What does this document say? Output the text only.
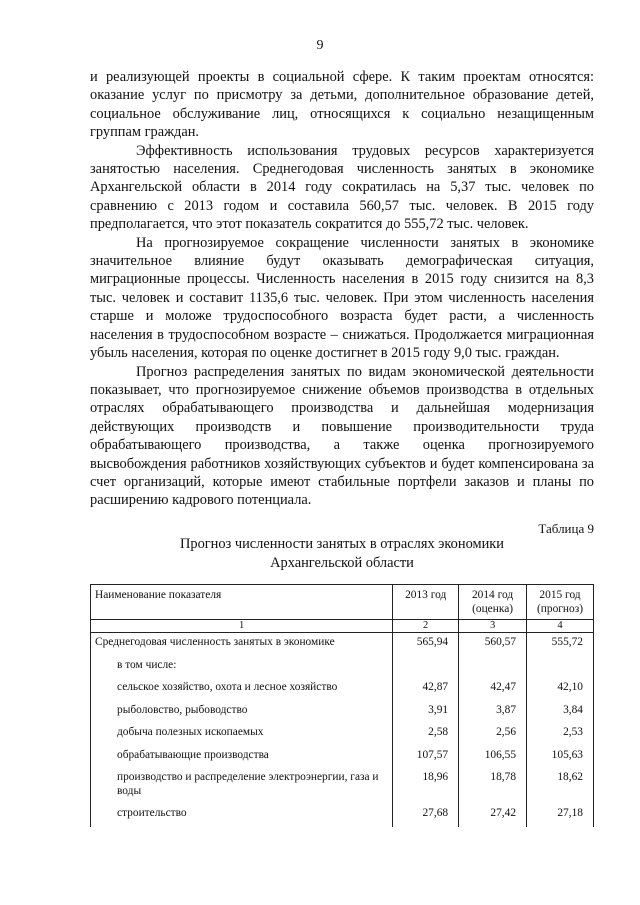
9

и реализующей проекты в социальной сфере. К таким проектам относятся: оказание услуг по присмотру за детьми, дополнительное образование детей, социальное обслуживание лиц, относящихся к социально незащищенным группам граждан.

Эффективность использования трудовых ресурсов характеризуется занятостью населения. Среднегодовая численность занятых в экономике Архангельской области в 2014 году сократилась на 5,37 тыс. человек по сравнению с 2013 годом и составила 560,57 тыс. человек. В 2015 году предполагается, что этот показатель сократится до 555,72 тыс. человек.

На прогнозируемое сокращение численности занятых в экономике значительное влияние будут оказывать демографическая ситуация, миграционные процессы. Численность населения в 2015 году снизится на 8,3 тыс. человек и составит 1135,6 тыс. человек. При этом численность населения старше и моложе трудоспособного возраста будет расти, а численность населения в трудоспособном возрасте – снижаться. Продолжается миграционная убыль населения, которая по оценке достигнет в 2015 году 9,0 тыс. граждан.

Прогноз распределения занятых по видам экономической деятельности показывает, что прогнозируемое снижение объемов производства в отдельных отраслях обрабатывающего производства и дальнейшая модернизация действующих производств и повышение производительности труда обрабатывающего производства, а также оценка прогнозируемого высвобождения работников хозяйствующих субъектов и будет компенсирована за счет организаций, которые имеют стабильные портфели заказов и планы по расширению кадрового потенциала.

Таблица 9
Прогноз численности занятых в отраслях экономики
Архангельской области
Наименование показателя	2013 год	2014 год (оценка)	2015 год (прогноз)
1	2	3	4
Среднегодовая численность занятых в экономике	565,94	560,57	555,72
в том числе:			
сельское хозяйство, охота и лесное хозяйство	42,87	42,47	42,10
рыболовство, рыбоводство	3,91	3,87	3,84
добыча полезных ископаемых	2,58	2,56	2,53
обрабатывающие производства	107,57	106,55	105,63
производство и распределение электроэнергии, газа и воды	18,96	18,78	18,62
строительство	27,68	27,42	27,18
